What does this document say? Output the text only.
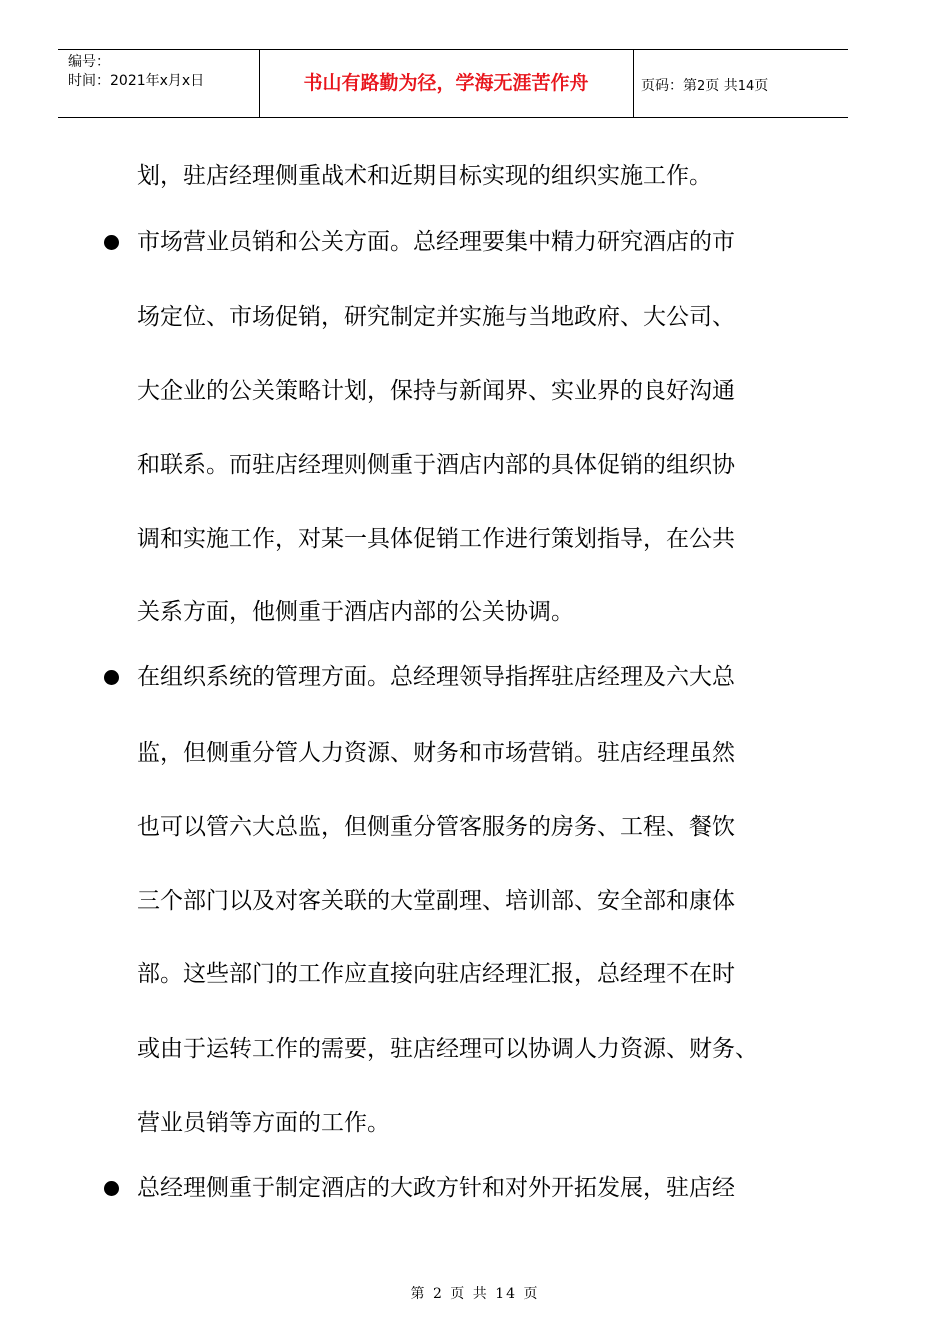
编号：
时间：2021年x月x日	书山有路勤为径，学海无涯苦作舟	页码：第2页 共14页
划，驻店经理侧重战术和近期目标实现的组织实施工作。
市场营业员销和公关方面。总经理要集中精力研究酒店的市
场定位、市场促销，研究制定并实施与当地政府、大公司、
大企业的公关策略计划，保持与新闻界、实业界的良好沟通
和联系。而驻店经理则侧重于酒店内部的具体促销的组织协
调和实施工作，对某一具体促销工作进行策划指导，在公共
关系方面，他侧重于酒店内部的公关协调。
在组织系统的管理方面。总经理领导指挥驻店经理及六大总
监，但侧重分管人力资源、财务和市场营销。驻店经理虽然
也可以管六大总监，但侧重分管客服务的房务、工程、餐饮
三个部门以及对客关联的大堂副理、培训部、安全部和康体
部。这些部门的工作应直接向驻店经理汇报，总经理不在时
或由于运转工作的需要，驻店经理可以协调人力资源、财务、
营业员销等方面的工作。
总经理侧重于制定酒店的大政方针和对外开拓发展，驻店经
第 2 页 共 14 页
